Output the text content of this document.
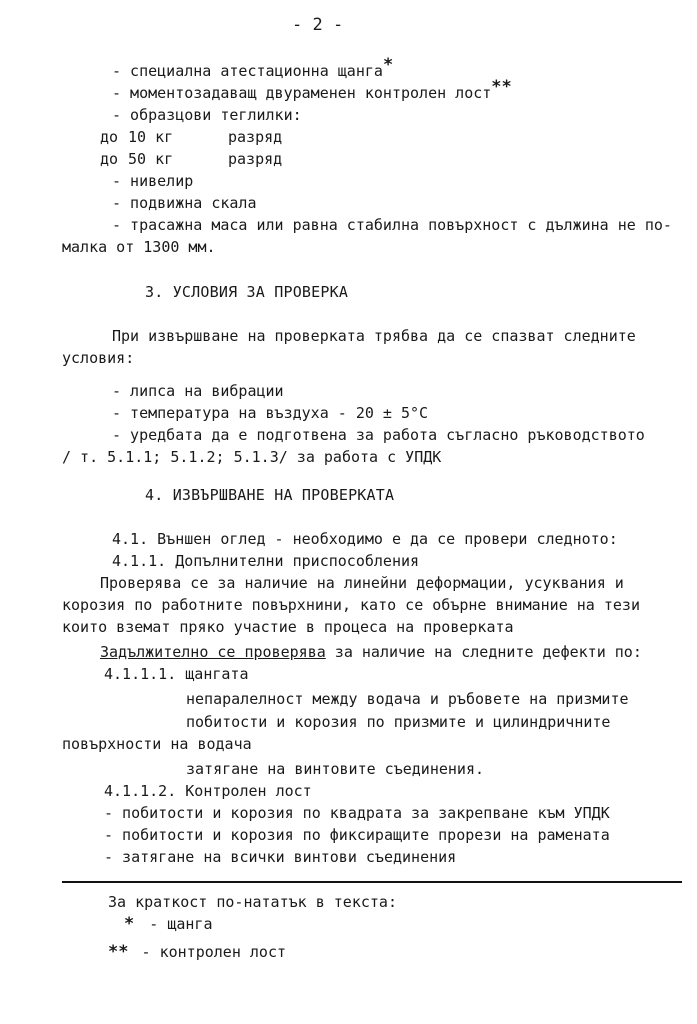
- 2 -
- специална атестационна щанга*
- моментозадаващ двураменен контролен лост**
- образцови теглилки:
до 10 кг	разряд
до 50 кг	разряд
- нивелир
- подвижна скала
- трасажна маса или равна стабилна повърхност с дължина не по-
малка от 1300 мм.
3. УСЛОВИЯ ЗА ПРОВЕРКА
При извършване на проверката трябва да се спазват следните
условия:
- липса на вибрации
- температура на въздуха - 20 ± 5°С
- уредбата да е подготвена за работа съгласно ръководството
/ т. 5.1.1; 5.1.2; 5.1.3/ за работа с УПДК
4. ИЗВЪРШВАНЕ НА ПРОВЕРКАТА
4.1. Външен оглед - необходимо е да се провери следното:
4.1.1. Допълнителни приспособления
Проверява се за наличие на линейни деформации, усуквания и
корозия по работните повърхнини, като се обърне внимание на тези
които вземат пряко участие в процеса на проверката
Задължително се проверява за наличие на следните дефекти по:
4.1.1.1. щангата
непаралелност между водача и ръбовете на призмите
побитости и корозия по призмите и цилиндричните
повърхности на водача
затягане на винтовите съединения.
4.1.1.2. Контролен лост
- побитости и корозия по квадрата за закрепване към УПДК
- побитости и корозия по фиксиращите прорези на рамената
- затягане на всички винтови съединения
За краткост по-нататък в текста:
* - щанга
** - контролен лост
